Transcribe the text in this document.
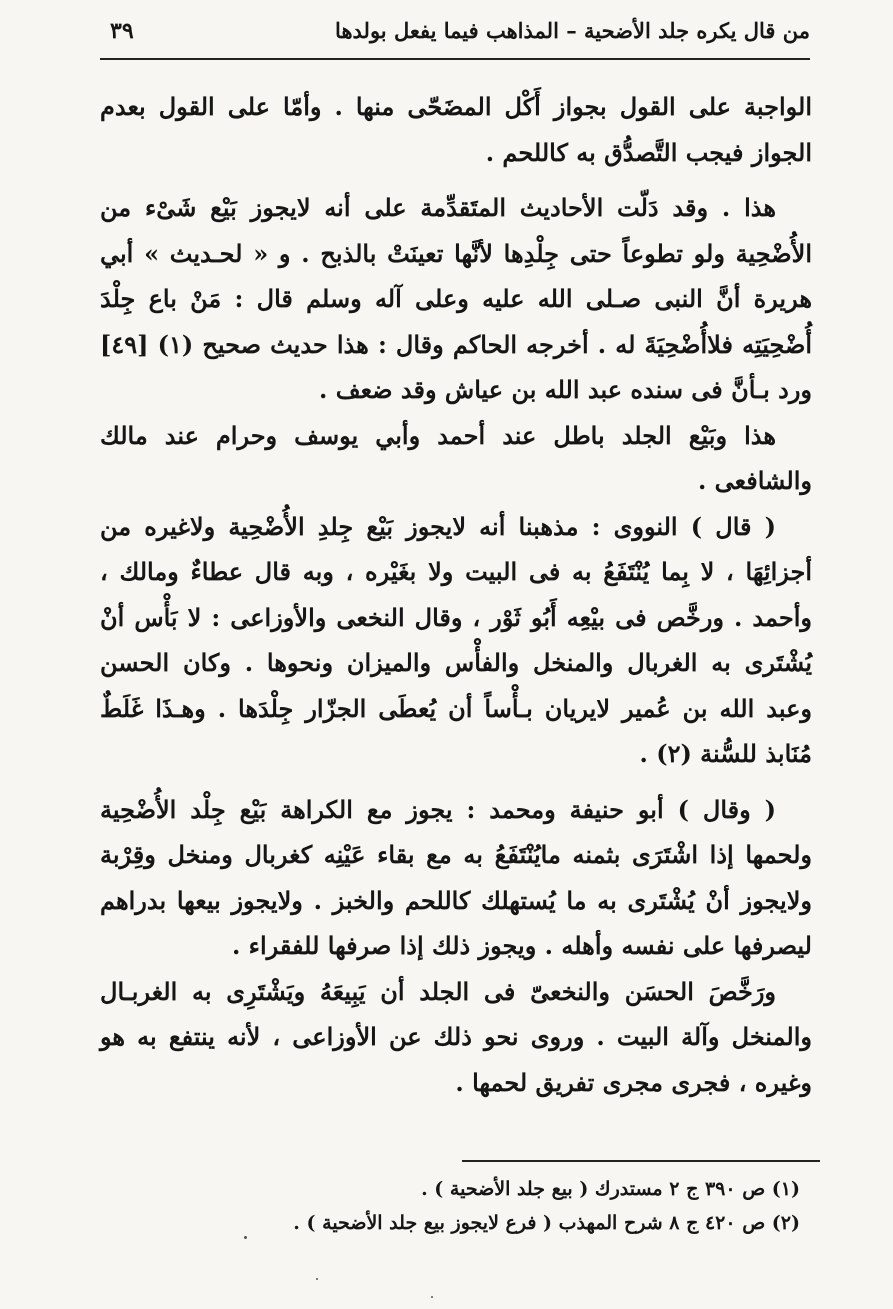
من قال يكره جلد الأضحية – المذاهب فيما يفعل بولدها
٣٩

الواجبة على القول بجواز أَكْل المضَحّى منها . وأمّا على القول بعدم الجواز فيجب التَّصدُّق به كاللحم .

هذا . وقد دَلّت الأحاديث المتَقدِّمة على أنه لايجوز بَيْع شَىْء من الأُضْحِية ولو تطوعاً حتى جِلْدِها لأنَّها تعينَتْ بالذبح . و « لحـديث » أبي هريرة أنَّ النبى صـلى الله عليه وعلى آله وسلم قال : مَنْ باع جِلْدَ أُضْحِيَتِه فلاأُضْحِيَةَ له . أخرجه الحاكم وقال : هذا حديث صحيح (١) [٤٩] ورد بـأنَّ فى سنده عبد الله بن عياش وقد ضعف .

هذا وبَيْع الجلد باطل عند أحمد وأبي يوسف وحرام عند مالك والشافعى .

( قال ) النووى : مذهبنا أنه لايجوز بَيْع جِلدِ الأُضْحِية ولاغيره من أجزائِهَا ، لا بِما يُنْتَفَعُ به فى البيت ولا بغَيْره ، وبه قال عطاءٌ ومالك ، وأحمد . ورخَّص فى بيْعِه أَبُو ثَوْر ، وقال النخعى والأوزاعى : لا بَأْس أنْ يُشْتَرى به الغربال والمنخل والفأْس والميزان ونحوها . وكان الحسن وعبد الله بن عُمير لايريان بـأْساً أن يُعطَى الجزّار جِلْدَها . وهـذَا غَلَطٌ مُنَابذ للسُّنة (٢) .

( وقال ) أبو حنيفة ومحمد : يجوز مع الكراهة بَيْع جِلْد الأُضْحِية ولحمها إذا اشْتَرَى بثمنه مايُنْتَفَعُ به مع بقاء عَيْنِه كغربال ومنخل وقِرْبة ولايجوز أنْ يُشْتَرى به ما يُستهلك كاللحم والخبز . ولايجوز بيعها بدراهم ليصرفها على نفسه وأهله . ويجوز ذلك إذا صرفها للفقراء .

ورَخَّصَ الحسَن والنخعىّ فى الجلد أن يَبِيعَهُ ويَشْتَرِى به الغربـال والمنخل وآلة البيت . وروى نحو ذلك عن الأوزاعى ، لأنه ينتفع به هو وغيره ، فجرى مجرى تفريق لحمها .

(١) ص ٣٩٠ ج ٢ مستدرك ( بيع جلد الأضحية ) .

(٢) ص ٤٢٠ ج ٨ شرح المهذب ( فرع لايجوز بيع جلد الأضحية ) .
